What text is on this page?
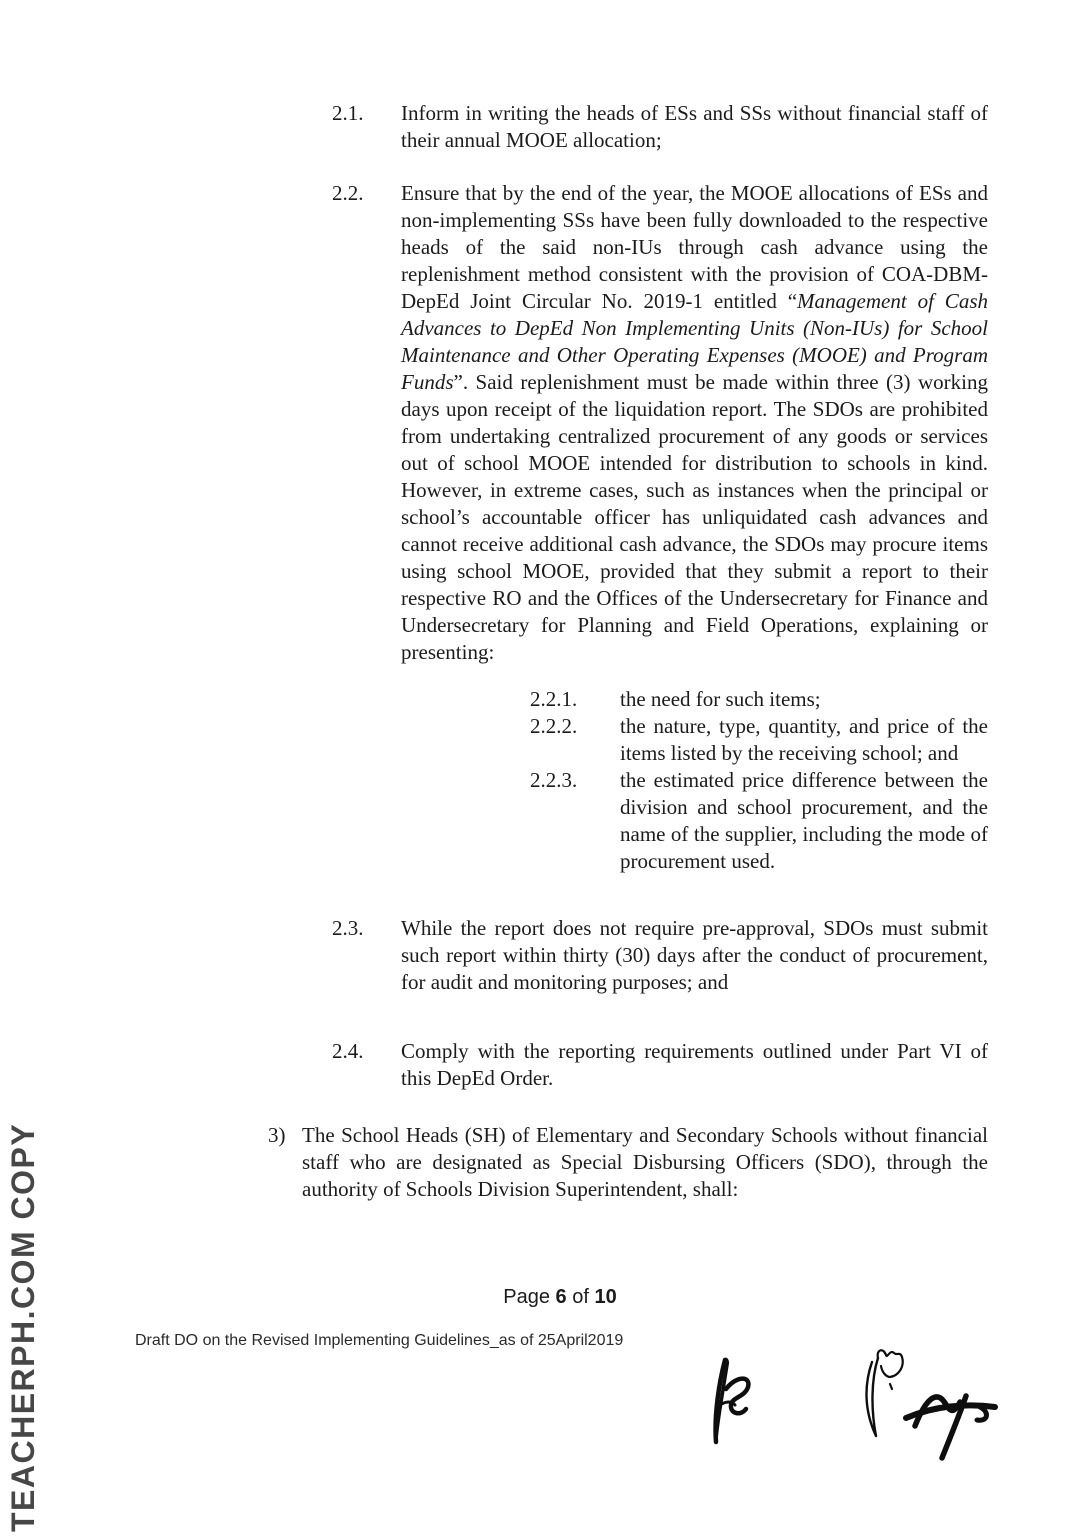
TEACHERPH.COM COPY
2.1.	Inform in writing the heads of ESs and SSs without financial staff of their annual MOOE allocation;
2.2.	Ensure that by the end of the year, the MOOE allocations of ESs and non-implementing SSs have been fully downloaded to the respective heads of the said non-IUs through cash advance using the replenishment method consistent with the provision of COA-DBM-DepEd Joint Circular No. 2019-1 entitled “Management of Cash Advances to DepEd Non Implementing Units (Non-IUs) for School Maintenance and Other Operating Expenses (MOOE) and Program Funds”. Said replenishment must be made within three (3) working days upon receipt of the liquidation report. The SDOs are prohibited from undertaking centralized procurement of any goods or services out of school MOOE intended for distribution to schools in kind. However, in extreme cases, such as instances when the principal or school’s accountable officer has unliquidated cash advances and cannot receive additional cash advance, the SDOs may procure items using school MOOE, provided that they submit a report to their respective RO and the Offices of the Undersecretary for Finance and Undersecretary for Planning and Field Operations, explaining or presenting:
2.2.1.	the need for such items;
2.2.2.	the nature, type, quantity, and price of the items listed by the receiving school; and
2.2.3.	the estimated price difference between the division and school procurement, and the name of the supplier, including the mode of procurement used.
2.3.	While the report does not require pre-approval, SDOs must submit such report within thirty (30) days after the conduct of procurement, for audit and monitoring purposes; and
2.4.	Comply with the reporting requirements outlined under Part VI of this DepEd Order.
3) The School Heads (SH) of Elementary and Secondary Schools without financial staff who are designated as Special Disbursing Officers (SDO), through the authority of Schools Division Superintendent, shall:
Page 6 of 10
Draft DO on the Revised Implementing Guidelines_as of 25April2019
